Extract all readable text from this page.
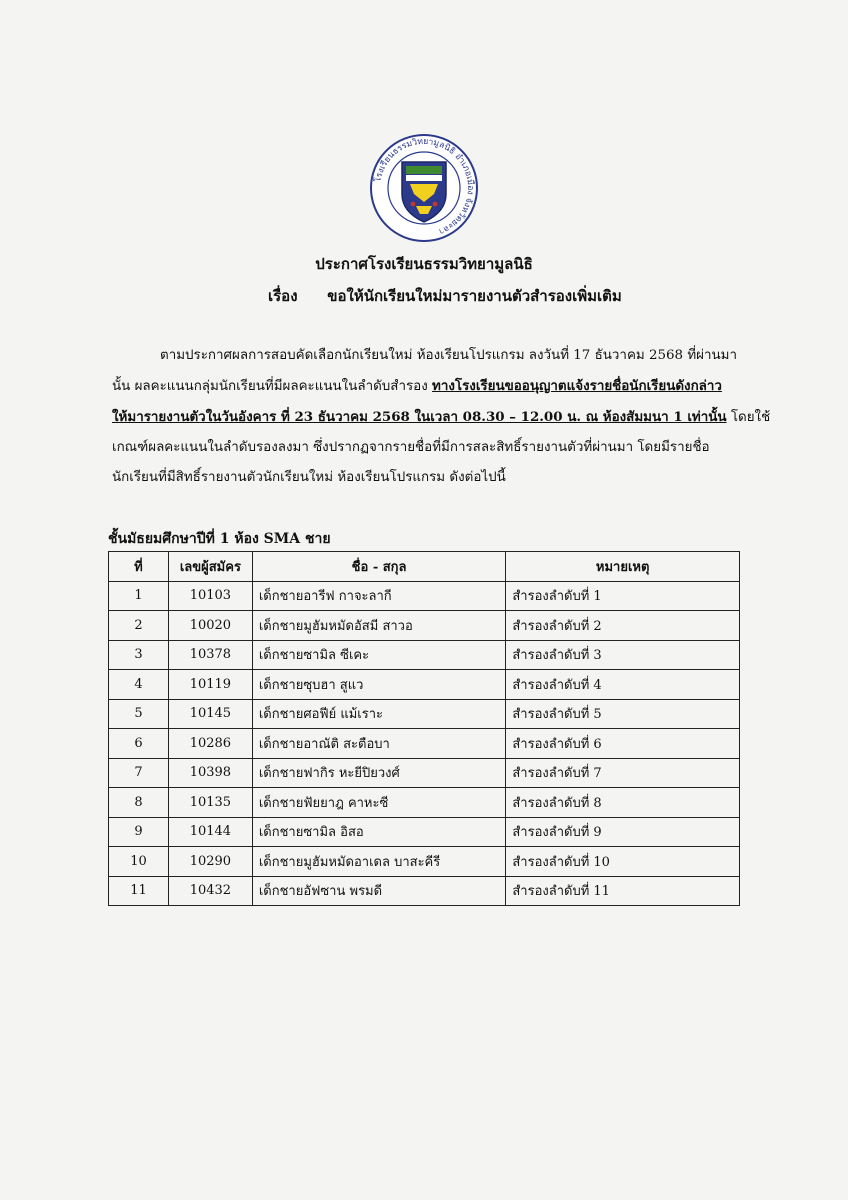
โรงเรียนธรรมวิทยามูลนิธิ อำเภอเมือง จังหวัดยะลา
ประกาศโรงเรียนธรรมวิทยามูลนิธิ
เรื่อง ขอให้นักเรียนใหม่มารายงานตัวสำรองเพิ่มเติม
ตามประกาศผลการสอบคัดเลือกนักเรียนใหม่ ห้องเรียนโปรแกรม ลงวันที่ 17 ธันวาคม 2568 ที่ผ่านมา
นั้น ผลคะแนนกลุ่มนักเรียนที่มีผลคะแนนในลำดับสำรอง ทางโรงเรียนขออนุญาตแจ้งรายชื่อนักเรียนดังกล่าว
ให้มารายงานตัวในวันอังคาร ที่ 23 ธันวาคม 2568 ในเวลา 08.30 – 12.00 น. ณ ห้องสัมมนา 1 เท่านั้น โดยใช้
เกณฑ์ผลคะแนนในลำดับรองลงมา ซึ่งปรากฏจากรายชื่อที่มีการสละสิทธิ์รายงานตัวที่ผ่านมา โดยมีรายชื่อ
นักเรียนที่มีสิทธิ์รายงานตัวนักเรียนใหม่ ห้องเรียนโปรแกรม ดังต่อไปนี้
ชั้นมัธยมศึกษาปีที่ 1 ห้อง SMA ชาย
ที่	เลขผู้สมัคร	ชื่อ - สกุล	หมายเหตุ
1	10103	เด็กชายอารีฟ กาจะลากี	สำรองลำดับที่ 1
2	10020	เด็กชายมูฮัมหมัดอัสมี สาวอ	สำรองลำดับที่ 2
3	10378	เด็กชายซามิล ซีเคะ	สำรองลำดับที่ 3
4	10119	เด็กชายซุบฮา สูแว	สำรองลำดับที่ 4
5	10145	เด็กชายศอฟีย์ แม้เราะ	สำรองลำดับที่ 5
6	10286	เด็กชายอาณัติ สะตือบา	สำรองลำดับที่ 6
7	10398	เด็กชายฟากิร หะยีปิยวงศ์	สำรองลำดับที่ 7
8	10135	เด็กชายฟัยยาฎ คาหะซี	สำรองลำดับที่ 8
9	10144	เด็กชายซามิล อิสอ	สำรองลำดับที่ 9
10	10290	เด็กชายมูฮัมหมัดอาเดล บาสะคีรี	สำรองลำดับที่ 10
11	10432	เด็กชายอัฟซาน พรมดี	สำรองลำดับที่ 11
